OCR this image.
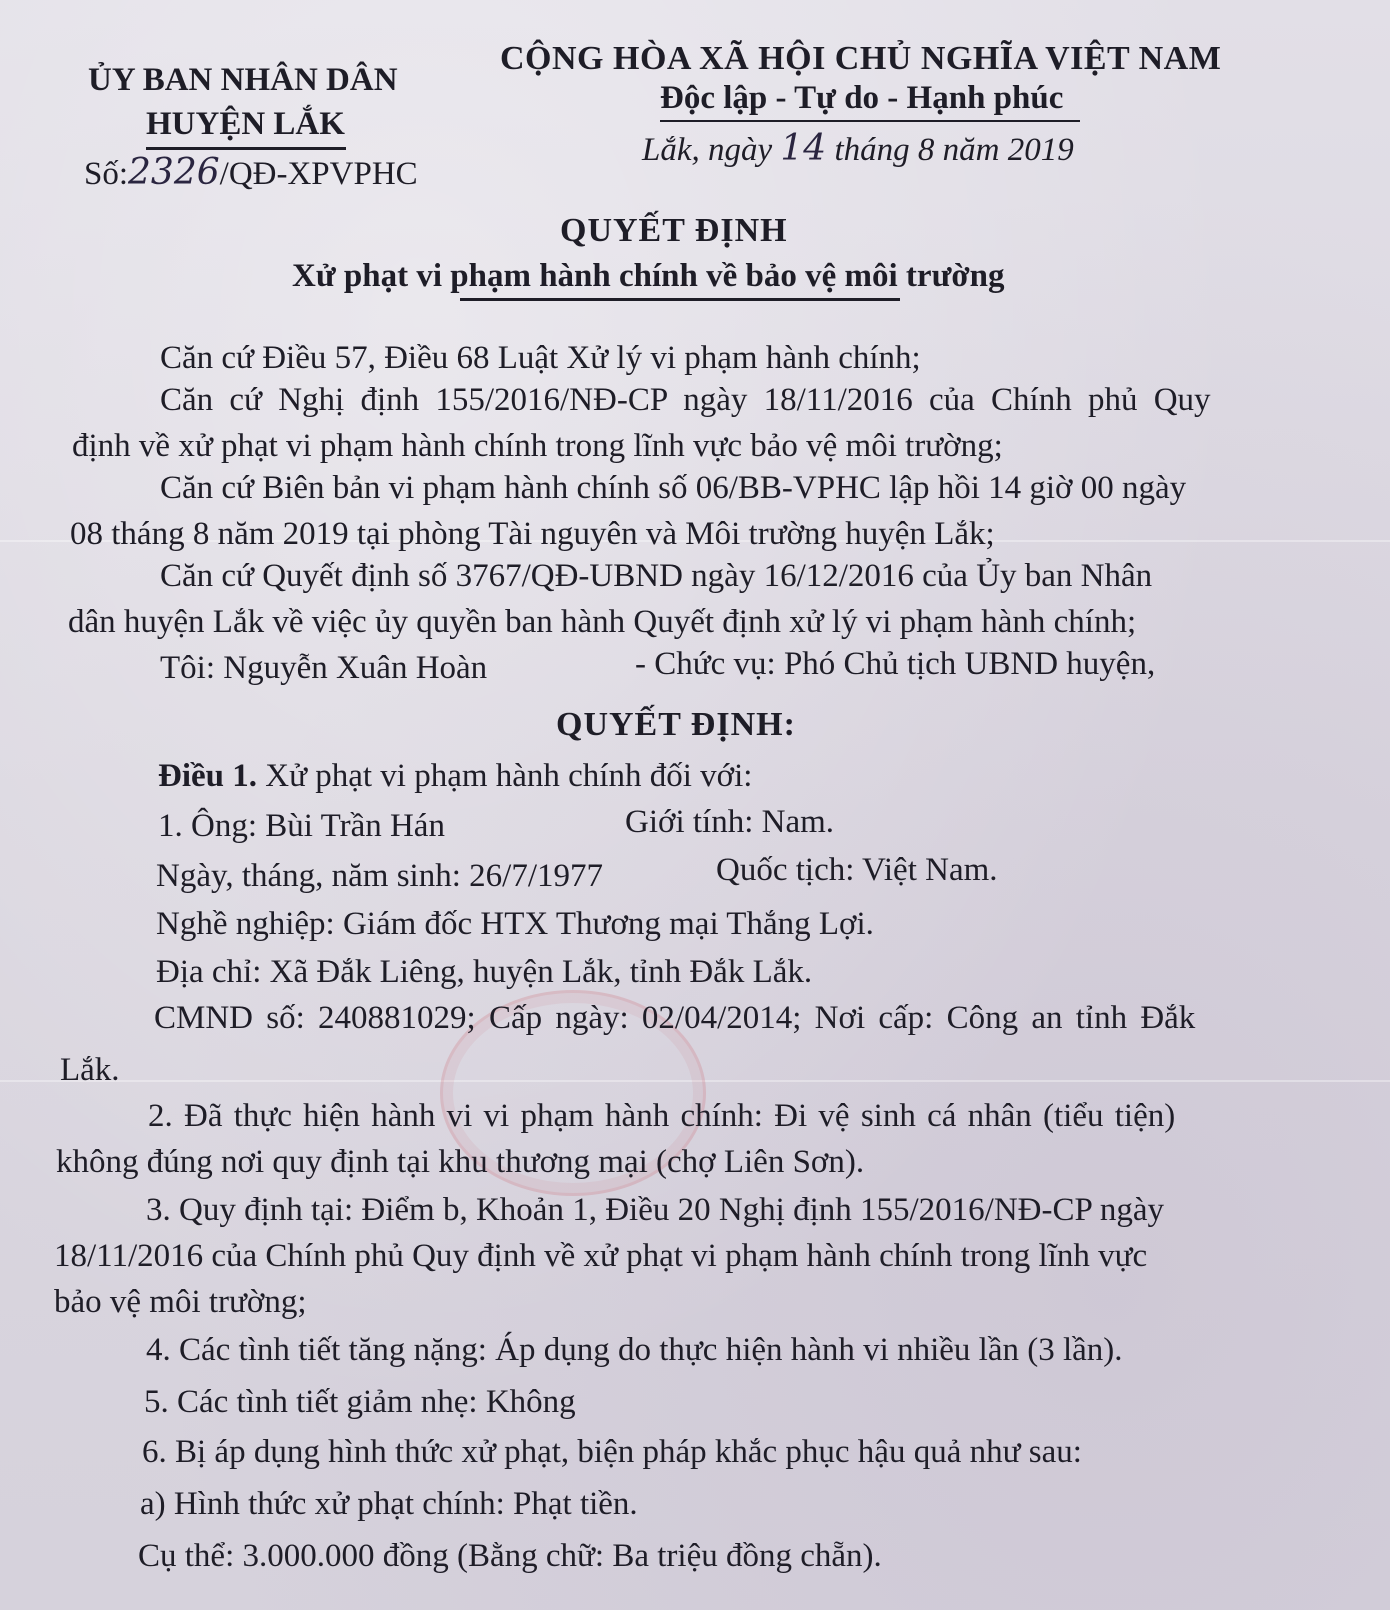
ỦY BAN NHÂN DÂN
HUYỆN LẮK
Số:2326/QĐ-XPVPHC
CỘNG HÒA XÃ HỘI CHỦ NGHĨA VIỆT NAM
Độc lập - Tự do - Hạnh phúc
Lắk, ngày 14 tháng 8 năm 2019
QUYẾT ĐỊNH
Xử phạt vi phạm hành chính về bảo vệ môi trường
Căn cứ Điều 57, Điều 68 Luật Xử lý vi phạm hành chính;
Căn cứ Nghị định 155/2016/NĐ-CP ngày 18/11/2016 của Chính phủ Quy
định về xử phạt vi phạm hành chính trong lĩnh vực bảo vệ môi trường;
Căn cứ Biên bản vi phạm hành chính số 06/BB-VPHC lập hồi 14 giờ 00 ngày
08 tháng 8 năm 2019 tại phòng Tài nguyên và Môi trường huyện Lắk;
Căn cứ Quyết định số 3767/QĐ-UBND ngày 16/12/2016 của Ủy ban Nhân
dân huyện Lắk về việc ủy quyền ban hành Quyết định xử lý vi phạm hành chính;
Tôi: Nguyễn Xuân Hoàn	- Chức vụ: Phó Chủ tịch UBND huyện,
QUYẾT ĐỊNH:
Điều 1. Xử phạt vi phạm hành chính đối với:
1. Ông: Bùi Trần Hán	Giới tính: Nam.
Ngày, tháng, năm sinh: 26/7/1977	Quốc tịch: Việt Nam.
Nghề nghiệp: Giám đốc HTX Thương mại Thắng Lợi.
Địa chỉ: Xã Đắk Liêng, huyện Lắk, tỉnh Đắk Lắk.
CMND số: 240881029; Cấp ngày: 02/04/2014; Nơi cấp: Công an tỉnh Đắk
Lắk.
2. Đã thực hiện hành vi vi phạm hành chính: Đi vệ sinh cá nhân (tiểu tiện)
không đúng nơi quy định tại khu thương mại (chợ Liên Sơn).
3. Quy định tại: Điểm b, Khoản 1, Điều 20 Nghị định 155/2016/NĐ-CP ngày
18/11/2016 của Chính phủ Quy định về xử phạt vi phạm hành chính trong lĩnh vực
bảo vệ môi trường;
4. Các tình tiết tăng nặng: Áp dụng do thực hiện hành vi nhiều lần (3 lần).
5. Các tình tiết giảm nhẹ: Không
6. Bị áp dụng hình thức xử phạt, biện pháp khắc phục hậu quả như sau:
a) Hình thức xử phạt chính: Phạt tiền.
Cụ thể: 3.000.000 đồng (Bằng chữ: Ba triệu đồng chẵn).
